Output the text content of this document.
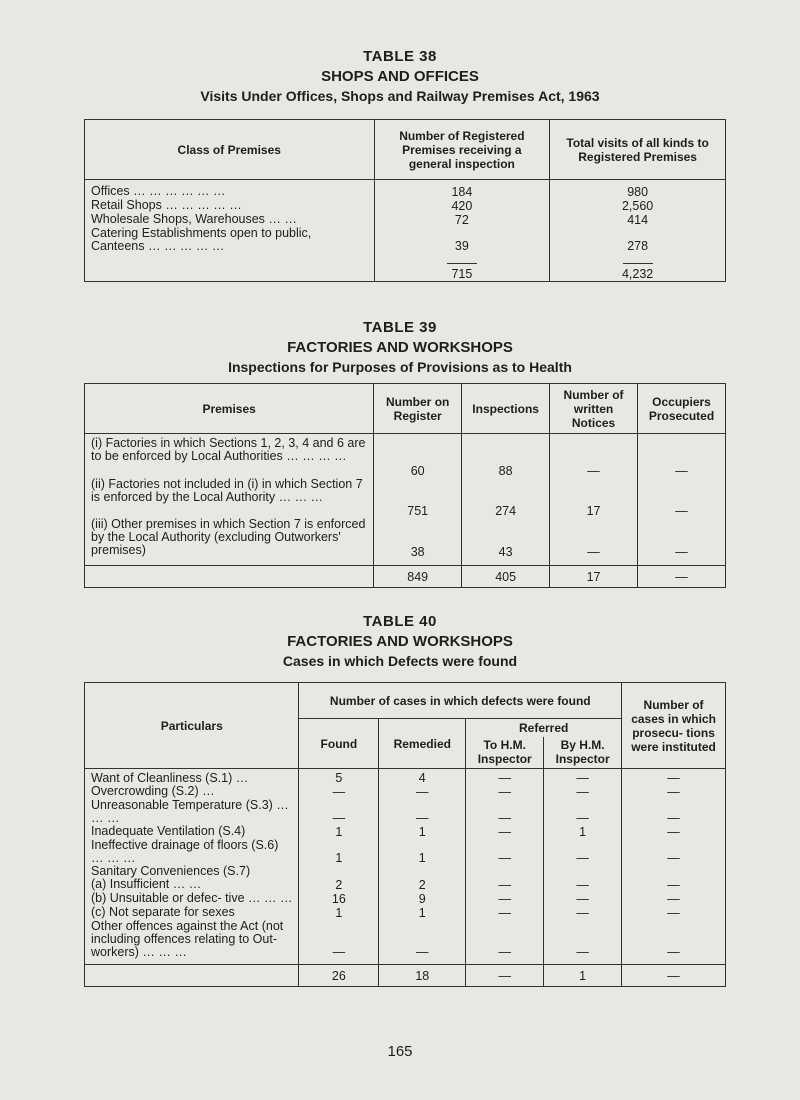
TABLE 38
SHOPS AND OFFICES
Visits Under Offices, Shops and Railway Premises Act, 1963
Class of Premises	Number of Registered Premises receiving a general inspection	Total visits of all kinds to Registered Premises

Offices … … … … … …	184	980
Retail Shops … … … … …	420	2,560
Wholesale Shops, Warehouses … …	72	414
Catering Establishments open to public, Canteens … … … … …	39	278

	715	4,232
TABLE 39
FACTORIES AND WORKSHOPS
Inspections for Purposes of Provisions as to Health
Premises	Number on Register	Inspections	Number of written Notices	Occupiers Prosecuted
(i) Factories in which Sections 1, 2, 3, 4 and 6 are to be enforced by Local Authorities … … … …	60	88	—	—
(ii) Factories not included in (i) in which Section 7 is enforced by the Local Authority … … …	751	274	17	—
(iii) Other premises in which Section 7 is enforced by the Local Authority (excluding Outworkers' premises)	38	43	—	—
	849	405	17	—
TABLE 40
FACTORIES AND WORKSHOPS
Cases in which Defects were found
Particulars	Number of cases in which defects were found				Number of cases in which prosecu- tions were instituted
	Found	Remedied	Referred		
			To H.M. Inspector	By H.M. Inspector	
Want of Cleanliness (S.1) …	5	4	—	—	—
Overcrowding (S.2) …	—	—	—	—	—
Unreasonable Temperature (S.3) … … …	—	—	—	—	—
Inadequate Ventilation (S.4)	1	1	—	1	—
Ineffective drainage of floors (S.6) … … …	1	1	—	—	—
Sanitary Conveniences (S.7)					
(a) Insufficient … …	2	2	—	—	—
(b) Unsuitable or defec- tive … … …	16	9	—	—	—
(c) Not separate for sexes	1	1	—	—	—
Other offences against the Act (not including offences relating to Out- workers) … … …	—	—	—	—	—
	26	18	—	1	—
165
